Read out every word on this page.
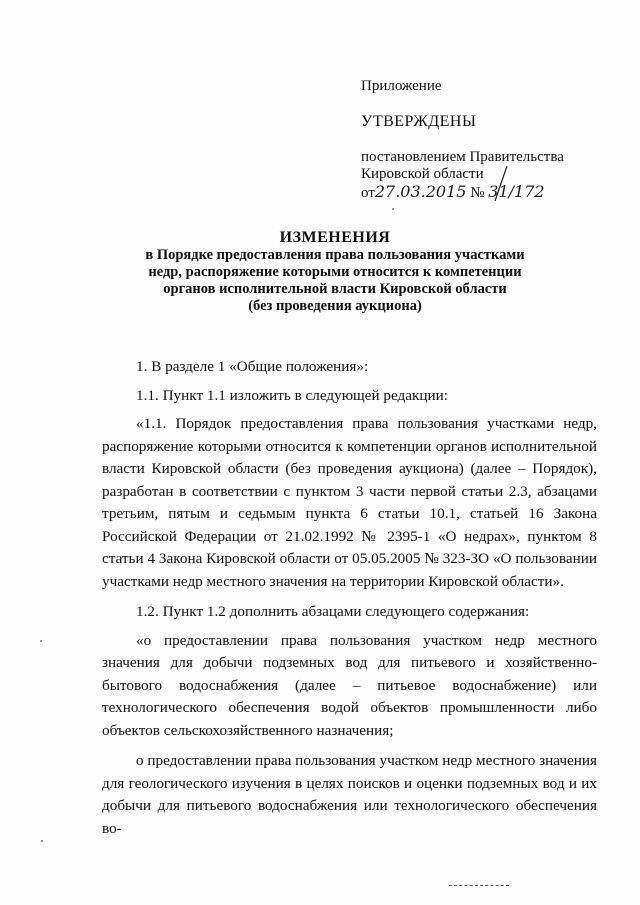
Приложение
УТВЕРЖДЕНЫ
постановлением Правительства
Кировской области
от27.03.2015 № 31/172
ИЗМЕНЕНИЯ
в Порядке предоставления права пользования участками
недр, распоряжение которыми относится к компетенции
органов исполнительной власти Кировской области
(без проведения аукциона)

1. В разделе 1 «Общие положения»:

1.1. Пункт 1.1 изложить в следующей редакции:

«1.1. Порядок предоставления права пользования участками недр, распоряжение которыми относится к компетенции органов исполнительной власти Кировской области (без проведения аукциона) (далее – Порядок), разработан в соответствии с пунктом 3 части первой статьи 2.3, абзацами третьим, пятым и седьмым пункта 6 статьи 10.1, статьей 16 Закона Российской Федерации от 21.02.1992 № 2395-1 «О недрах», пунктом 8 статьи 4 Закона Кировской области от 05.05.2005 № 323-ЗО «О пользовании участками недр местного значения на территории Кировской области».

1.2. Пункт 1.2 дополнить абзацами следующего содержания:

«о предоставлении права пользования участком недр местного значения для добычи подземных вод для питьевого и хозяйственно-бытового водоснабжения (далее – питьевое водоснабжение) или технологического обеспечения водой объектов промышленности либо объектов сельскохозяйственного назначения;

о предоставлении права пользования участком недр местного значения для геологического изучения в целях поисков и оценки подземных вод и их добычи для питьевого водоснабжения или технологического обеспечения во-
